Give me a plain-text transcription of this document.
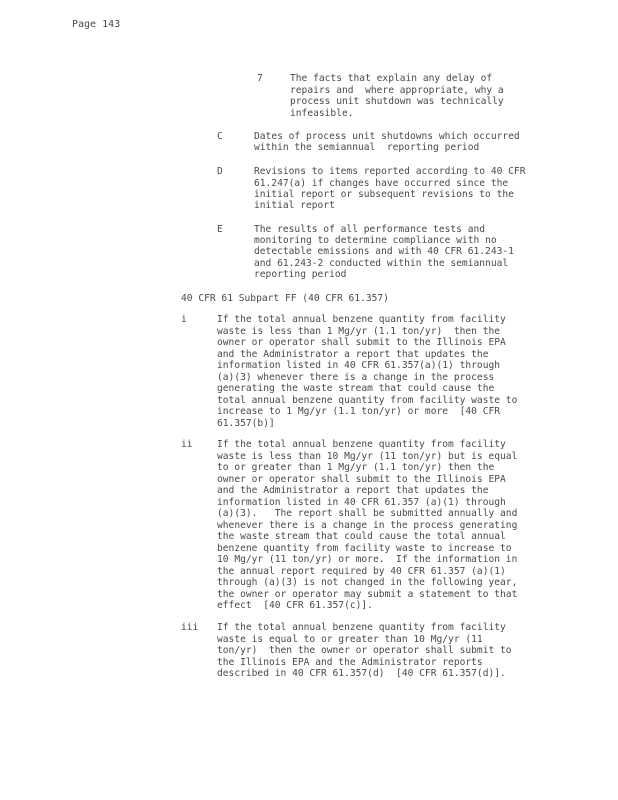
Page 143
7	The facts that explain any delay of
repairs and  where appropriate, why a
process unit shutdown was technically
infeasible.
C	Dates of process unit shutdowns which occurred
within the semiannual  reporting period
D	Revisions to items reported according to 40 CFR
61.247(a) if changes have occurred since the
initial report or subsequent revisions to the
initial report
E	The results of all performance tests and
monitoring to determine compliance with no
detectable emissions and with 40 CFR 61.243-1
and 61.243-2 conducted within the semiannual
reporting period
40 CFR 61 Subpart FF (40 CFR 61.357)
i	If the total annual benzene quantity from facility
waste is less than 1 Mg/yr (1.1 ton/yr)  then the
owner or operator shall submit to the Illinois EPA
and the Administrator a report that updates the
information listed in 40 CFR 61.357(a)(1) through
(a)(3) whenever there is a change in the process
generating the waste stream that could cause the
total annual benzene quantity from facility waste to
increase to 1 Mg/yr (1.1 ton/yr) or more  [40 CFR
61.357(b)]
ii	If the total annual benzene quantity from facility
waste is less than 10 Mg/yr (11 ton/yr) but is equal
to or greater than 1 Mg/yr (1.1 ton/yr) then the
owner or operator shall submit to the Illinois EPA
and the Administrator a report that updates the
information listed in 40 CFR 61.357 (a)(1) through
(a)(3).   The report shall be submitted annually and
whenever there is a change in the process generating
the waste stream that could cause the total annual
benzene quantity from facility waste to increase to
10 Mg/yr (11 ton/yr) or more.  If the information in
the annual report required by 40 CFR 61.357 (a)(1)
through (a)(3) is not changed in the following year,
the owner or operator may submit a statement to that
effect  [40 CFR 61.357(c)].
iii If the total annual benzene quantity from facility
waste is equal to or greater than 10 Mg/yr (11
ton/yr)  then the owner or operator shall submit to
the Illinois EPA and the Administrator reports
described in 40 CFR 61.357(d)  [40 CFR 61.357(d)].
